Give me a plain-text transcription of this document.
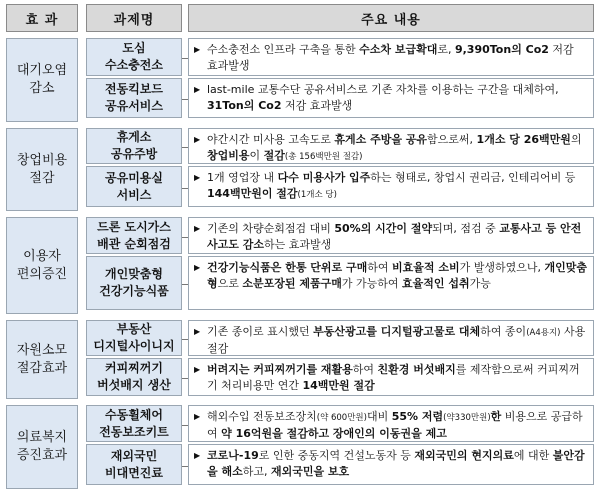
효 과	과제명	주요 내용
대기오염
감소
도심
수소충전소
▶ 수소충전소 인프라 구축을 통한 수소차 보급확대로, 9,390Ton의 Co2 저감 효과발생
전동킥보드
공유서비스
▶ last-mile 교통수단 공유서비스로 기존 자차를 이용하는 구간을 대체하여, 31Ton의 Co2 저감 효과발생
창업비용
절감
휴게소
공유주방
▶ 야간시간 미사용 고속도로 휴게소 주방을 공유함으로써, 1개소 당 26백만원의 창업비용이 절감(총 156백만원 절감)
공유미용실
서비스
▶ 1개 영업장 내 다수 미용사가 입주하는 형태로, 창업시 권리금, 인테리어비 등 144백만원이 절감(1개소 당)
이용자
편의증진
드론 도시가스
배관 순회점검
▶ 기존의 차량순회점검 대비 50%의 시간이 절약되며, 점검 중 교통사고 등 안전사고도 감소하는 효과발생
개인맞춤형
건강기능식품
▶ 건강기능식품은 한통 단위로 구매하여 비효율적 소비가 발생하였으나, 개인맞춤형으로 소분포장된 제품구매가 가능하여 효율적인 섭취가능
자원소모
절감효과
부동산
디지털사이니지
▶ 기존 종이로 표시했던 부동산광고를 디지털광고물로 대체하여 종이(A4용지) 사용절감
커피찌꺼기
버섯배지 생산
▶ 버려지는 커피찌꺼기를 재활용하여 친환경 버섯배지를 제작함으로써 커피찌꺼기 처리비용만 연간 14백만원 절감
의료복지
증진효과
수동휠체어
전동보조키트
▶ 해외수입 전동보조장치(약 600만원)대비 55% 저렴(약330만원)한 비용으로 공급하여 약 16억원을 절감하고 장애인의 이동권을 제고
재외국민
비대면진료
▶ 코로나-19로 인한 중동지역 건설노동자 등 재외국민의 현지의료에 대한 불안감을 해소하고, 재외국민을 보호
